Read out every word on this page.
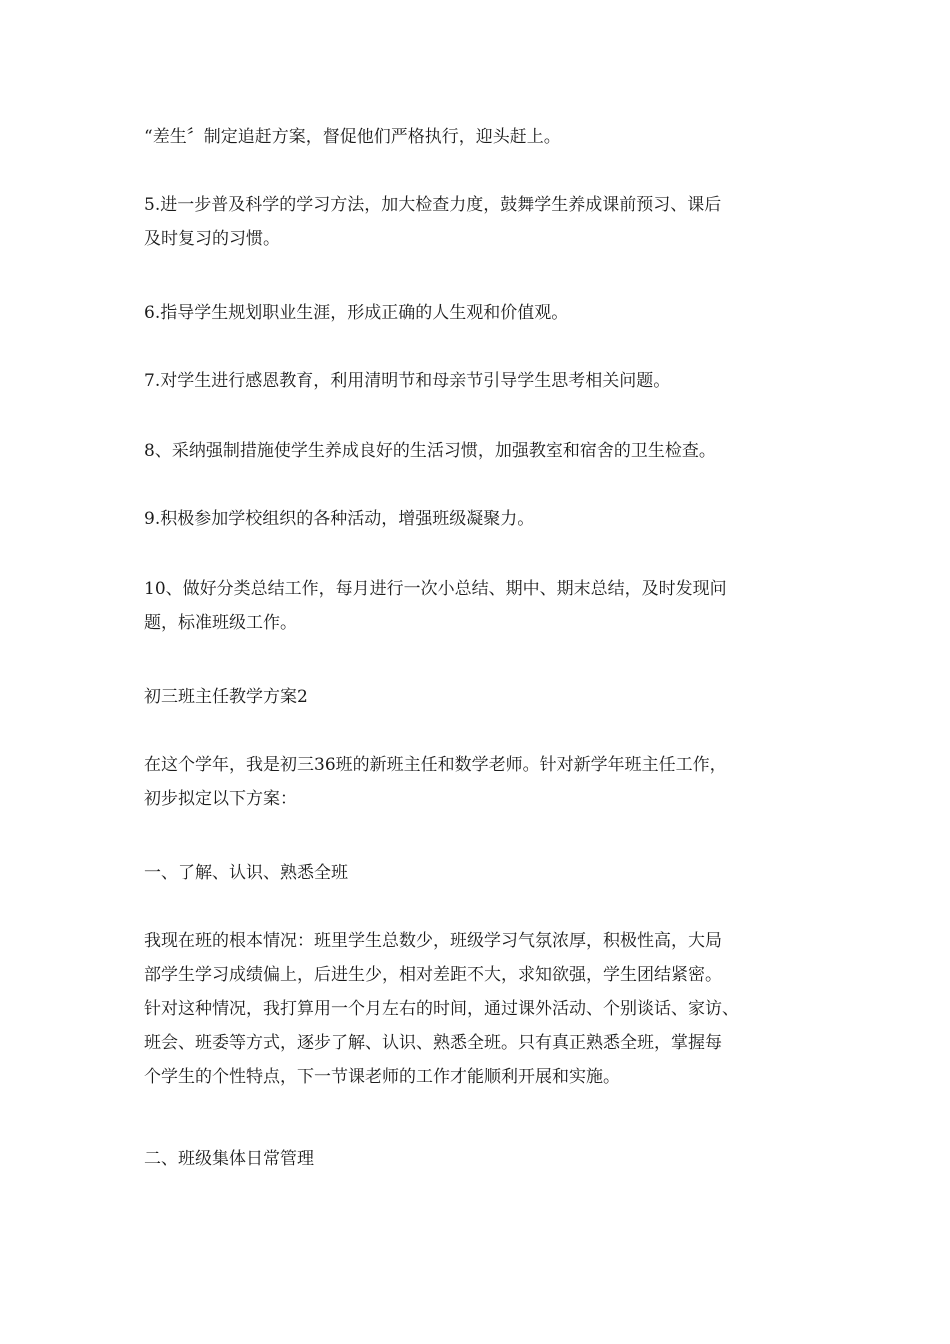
“差生〞制定追赶方案，督促他们严格执行，迎头赶上。

5.进一步普及科学的学习方法，加大检查力度，鼓舞学生养成课前预习、课后
及时复习的习惯。

6.指导学生规划职业生涯，形成正确的人生观和价值观。

7.对学生进行感恩教育，利用清明节和母亲节引导学生思考相关问题。

8、采纳强制措施使学生养成良好的生活习惯，加强教室和宿舍的卫生检查。

9.积极参加学校组织的各种活动，增强班级凝聚力。

10、做好分类总结工作，每月进行一次小总结、期中、期末总结，及时发现问
题，标准班级工作。

初三班主任教学方案2

在这个学年，我是初三36班的新班主任和数学老师。针对新学年班主任工作，
初步拟定以下方案：

一、了解、认识、熟悉全班

我现在班的根本情况：班里学生总数少，班级学习气氛浓厚，积极性高，大局
部学生学习成绩偏上，后进生少，相对差距不大，求知欲强，学生团结紧密。
针对这种情况，我打算用一个月左右的时间，通过课外活动、个别谈话、家访、
班会、班委等方式，逐步了解、认识、熟悉全班。只有真正熟悉全班，掌握每
个学生的个性特点，下一节课老师的工作才能顺利开展和实施。

二、班级集体日常管理
